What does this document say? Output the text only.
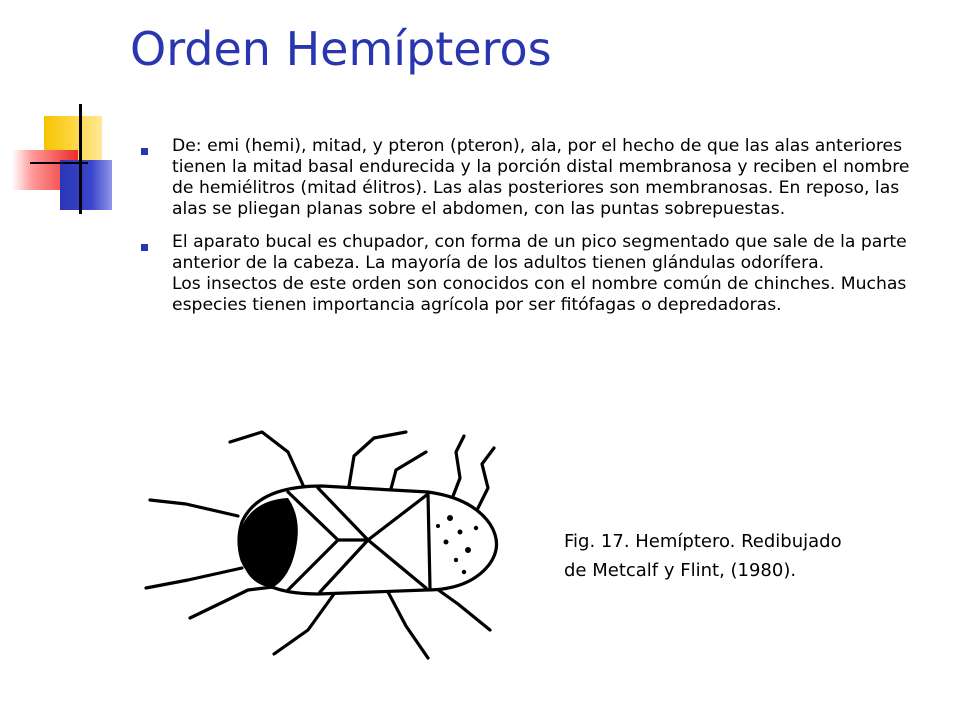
Orden Hemípteros
De: emi (hemi), mitad, y pteron (pteron), ala, por el hecho de que las alas anteriores tienen la mitad basal endurecida y la porción distal membranosa y reciben el nombre de hemiélitros (mitad élitros). Las alas posteriores son membranosas. En reposo, las alas se pliegan planas sobre el abdomen, con las puntas sobrepuestas.
El aparato bucal es chupador, con forma de un pico segmentado que sale de la parte anterior de la cabeza. La mayoría de los adultos tienen glándulas odorífera.
Los insectos de este orden son conocidos con el nombre común de chinches. Muchas especies tienen importancia agrícola por ser fitófagas o depredadoras.
Fig. 17. Hemíptero. Redibujado
de Metcalf y Flint, (1980).
